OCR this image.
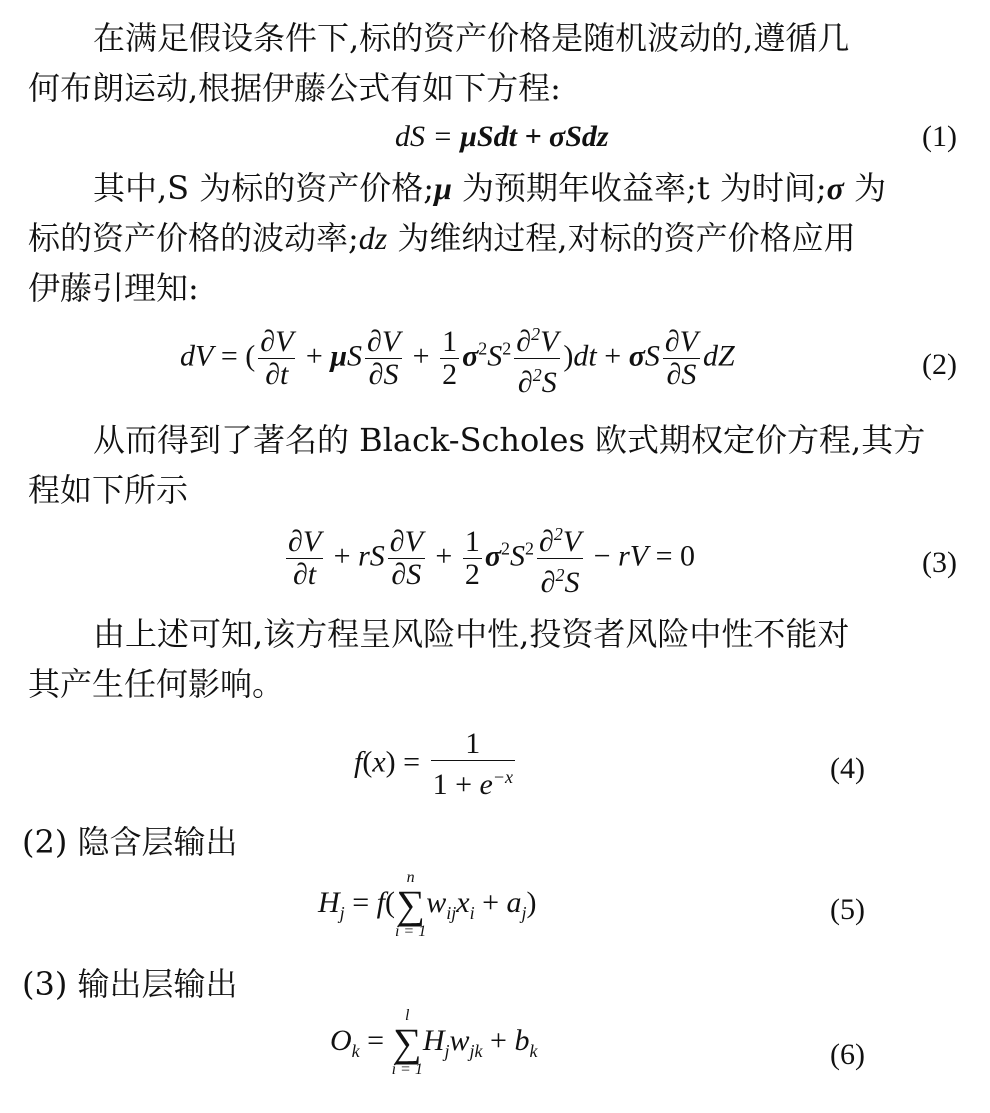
在满足假设条件下,标的资产价格是随机波动的,遵循几
何布朗运动,根据伊藤公式有如下方程:
dS = μSdt + σSdz	(1)
其中,S 为标的资产价格;μ 为预期年收益率;t 为时间;σ 为
标的资产价格的波动率;dz 为维纳过程,对标的资产价格应用
伊藤引理知:
dV = ( $\frac{\partial V}{\partial t} + \mu S \frac{\partial V}{\partial S} + \frac{1}{2} \sigma^2S^2 \frac{\partial^2V}{\partial^2S} )dt + \sigma S \frac{\partial V}{\partial S}$ dZ	(2)
从而得到了著名的 Black-Scholes 欧式期权定价方程,其方
程如下所示
$\frac{\partial V}{\partial t}$ + rS $\frac{\partial V}{\partial S} + \frac{1}{2} \sigma^2S^2 \frac{\partial^2V}{\partial^2S}$ − rV = 0	(3)
由上述可知,该方程呈风险中性,投资者风险中性不能对
其产生任何影响。
$f(x) = \frac{1}{1 + e^{-x}}$	(4)
(2) 隐含层输出
$H_j = f$(
n
∑
i = 1
$w_{ij}x_i + a_j$)	(5)
(3) 输出层输出
$O_k$ =
l
∑
i = 1
$H_jw_{jk} + b_k$	(6)
